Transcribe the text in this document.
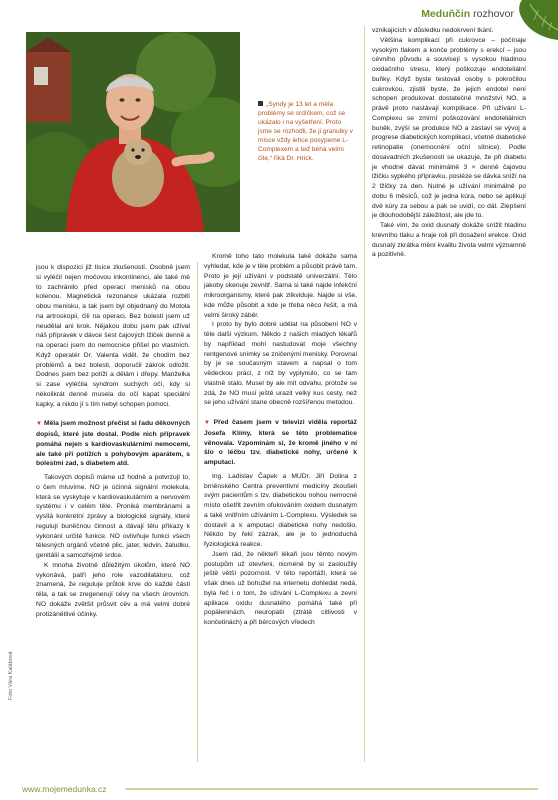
Meduňčin rozhovor
„Syndy je 13 let a měla problémy se srdíčkem, což se ukázalo i na vyšetření. Proto jsme se rozhodli, že ji granulky v misce vždy lehce posypeme L-Complexem a teď běhá velmi čile,“ říká Dr. Hrick.
Foto Věra Kalábová

jsou k dispozici již tisíce zkušeností. Osobně jsem si vyléčil nejen močovou inkontinenci, ale také mě to zachránilo před operací menisků na obou kolenou. Magnetická rezonance ukázala rozbití obou menisku, a tak jsem byl objednaný do Motola na artroskopii, čili na operaci. Bez bolesti jsem už neudělal ani krok. Nějakou dobu jsem pak užíval náš přípravek v dávce šest čajových lžiček denně a na operaci jsem do nemocnice přišel po vlastních. Když operatér Dr. Valenta viděl, že chodím bez problémů a bez bolesti, doporučil zákrok odložit. Dodnes jsem bez potíží a dělám i dřepy. Manželka si zase vyléčila syndrom suchých očí, kdy si několikrát denně musela do očí kapat speciální kapky, a nikdo jí s tím nebyl schopen pomoci.

▼ Měla jsem možnost přečíst si řadu děkovných dopisů, které jste dostal. Podle nich přípravek pomáhá nejen s kardiovaskulárními nemocemi, ale také při potížích s pohybovým aparátem, s bolestmi zad, s diabetem atd.

Takových dopisů máme už hodně a potvrzují to, o čem mluvíme. NO je účinná signální molekula, která se vyskytuje v kardiovaskulárním a nervovém systému i v celém těle. Proniká membránami a vysílá konkrétní zprávy a biologické signály, které regulují buněčnou činnost a dávají tělu příkazy k vykonání určité funkce. NO ovlivňuje funkci všech tělesných orgánů včetně plic, jater, ledvin, žaludku, genitálií a samozřejmě srdce.

K mnoha životně důležitým úkolům, které NO vykonává, patří jeho role vazodilatátoru, což znamená, že reguluje průtok krve do každé části těla, a tak se zregenerují cévy na všech úrovních. NO dokáže zvětšit průsvit cév a má velmi dobré protizánětlivé účinky.

Kromě toho tato molekula také dokáže sama vyhledat, kde je v těle problém a působit právě tam. Proto je její užívání v podstatě univerzální. Tělo jakoby skenuje zevnitř. Sama si také najde infekční mikroorganismy, které pak zlikviduje. Najde si vše, kde může působit a kde je třeba něco řešit, a má velmi široký záběr.

I proto by bylo dobré udělat na působení NO v těle další výzkum. Někdo z našich mladých lékařů by například mohl nastudovat moje všechny rentgenové snímky se zničenými menisky. Porovnal by je se současným stavem a napsal o tom vědeckou práci, z níž by vyplynulo, co se tam vlastně stalo. Musel by ale mít odvahu, protože se zdá, že NO musí ještě urazit velký kus cesty, než se jeho užívání stane obecně rozšířenou metodou.

▼ Před časem jsem v televizi viděla reportáž Josefa Klímy, která se této problematice věnovala. Vzpomínám si, že kromě jiného v ní šlo o léčbu tzv. diabetické nohy, určené k amputaci.

Ing. Ladislav Čapek a MUDr. Jiří Dolina z brněnského Centra preventivní medicíny zkoušeli svým pacientům s tzv. diabetickou nohou nemocné místo ošetřit zevním ofukováním oxidem dusnatým a také vnitřním užíváním L-Complexu. Výsledek se dostavil a k amputaci diabetické nohy nedošlo. Někdo by řekl zázrak, ale je to jednoduchá fyziologická reakce.

Jsem rád, že někteří lékaři jsou těmto novým postupům už otevřeni, nicméně by si zasloužily ještě větší pozornost. V této reportáži, která se však dnes už bohužel na internetu dohledat nedá, byla řeč i o tom, že užívání L-Complexu a zevní aplikace oxidu dusnatého pomáhá také při popáleninách, neuropatii (ztrátě citlivosti v končetinách) a při bércových vředech

vznikajících v důsledku nedokrvení tkání.

Většina komplikací při cukrovce – počínaje vysokým tlakem a konče problémy s erekcí – jsou cévního původu a souvisejí s vysokou hladinou oxidačního stresu, který poškozuje endoteliální buňky. Když byste testovali osoby s pokročilou cukrovkou, zjistili byste, že jejich endotel není schopen produkovat dostatečné množství NO, a právě proto nastávají komplikace. Při užívání L-Complexu se zmírní poškozování endoteliálních buněk, zvýší se produkce NO a zastaví se vývoj a progrese diabetických komplikací, včetně diabetické retinopatie (onemocnění oční sítnice). Podle dosavadních zkušeností se ukazuje, že při diabetu je vhodné dávat minimálně 3 × denně čajovou lžičku sypkého přípravku, posléze se dávka sníží na 2 lžičky za den. Nutné je užívání minimálně po dobu 6 měsíců, což je jedna kúra, nebo se aplikují dvě kúry za sebou a pak se uvidí, co dál. Zlepšení je dlouhodobější záležitost, ale jde to.

Také vím, že oxid dusnatý dokáže snížit hladinu krevního tlaku a hraje roli při dosažení erekce. Oxid dusnatý zkrátka mění kvalitu života velmi významně a pozitivně.

www.mojemedunka.cz
